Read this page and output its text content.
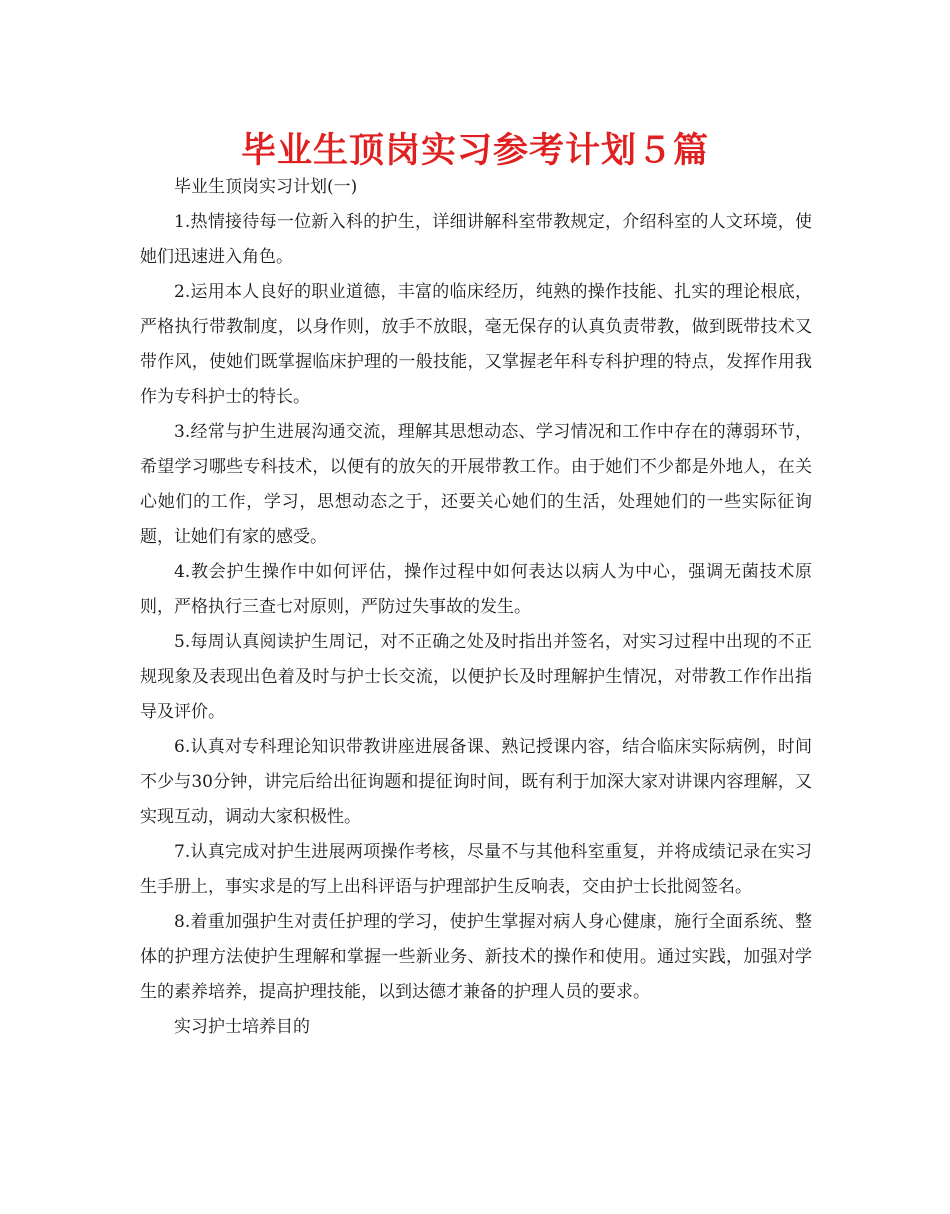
毕业生顶岗实习参考计划５篇

毕业生顶岗实习计划(一)

1.热情接待每一位新入科的护生，详细讲解科室带教规定，介绍科室的人文环境，使她们迅速进入角色。

2.运用本人良好的职业道德，丰富的临床经历，纯熟的操作技能、扎实的理论根底，严格执行带教制度，以身作则，放手不放眼，毫无保存的认真负责带教，做到既带技术又带作风，使她们既掌握临床护理的一般技能，又掌握老年科专科护理的特点，发挥作用我作为专科护士的特长。

3.经常与护生进展沟通交流，理解其思想动态、学习情况和工作中存在的薄弱环节，希望学习哪些专科技术，以便有的放矢的开展带教工作。由于她们不少都是外地人，在关心她们的工作，学习，思想动态之于，还要关心她们的生活，处理她们的一些实际征询题，让她们有家的感受。

4.教会护生操作中如何评估，操作过程中如何表达以病人为中心，强调无菌技术原则，严格执行三查七对原则，严防过失事故的发生。

5.每周认真阅读护生周记，对不正确之处及时指出并签名，对实习过程中出现的不正规现象及表现出色着及时与护士长交流，以便护长及时理解护生情况，对带教工作作出指导及评价。

6.认真对专科理论知识带教讲座进展备课、熟记授课内容，结合临床实际病例，时间不少与30分钟，讲完后给出征询题和提征询时间，既有利于加深大家对讲课内容理解，又实现互动，调动大家积极性。

7.认真完成对护生进展两项操作考核，尽量不与其他科室重复，并将成绩记录在实习生手册上，事实求是的写上出科评语与护理部护生反响表，交由护士长批阅签名。

8.着重加强护生对责任护理的学习，使护生掌握对病人身心健康，施行全面系统、整体的护理方法使护生理解和掌握一些新业务、新技术的操作和使用。通过实践，加强对学生的素养培养，提高护理技能，以到达德才兼备的护理人员的要求。

实习护士培养目的
